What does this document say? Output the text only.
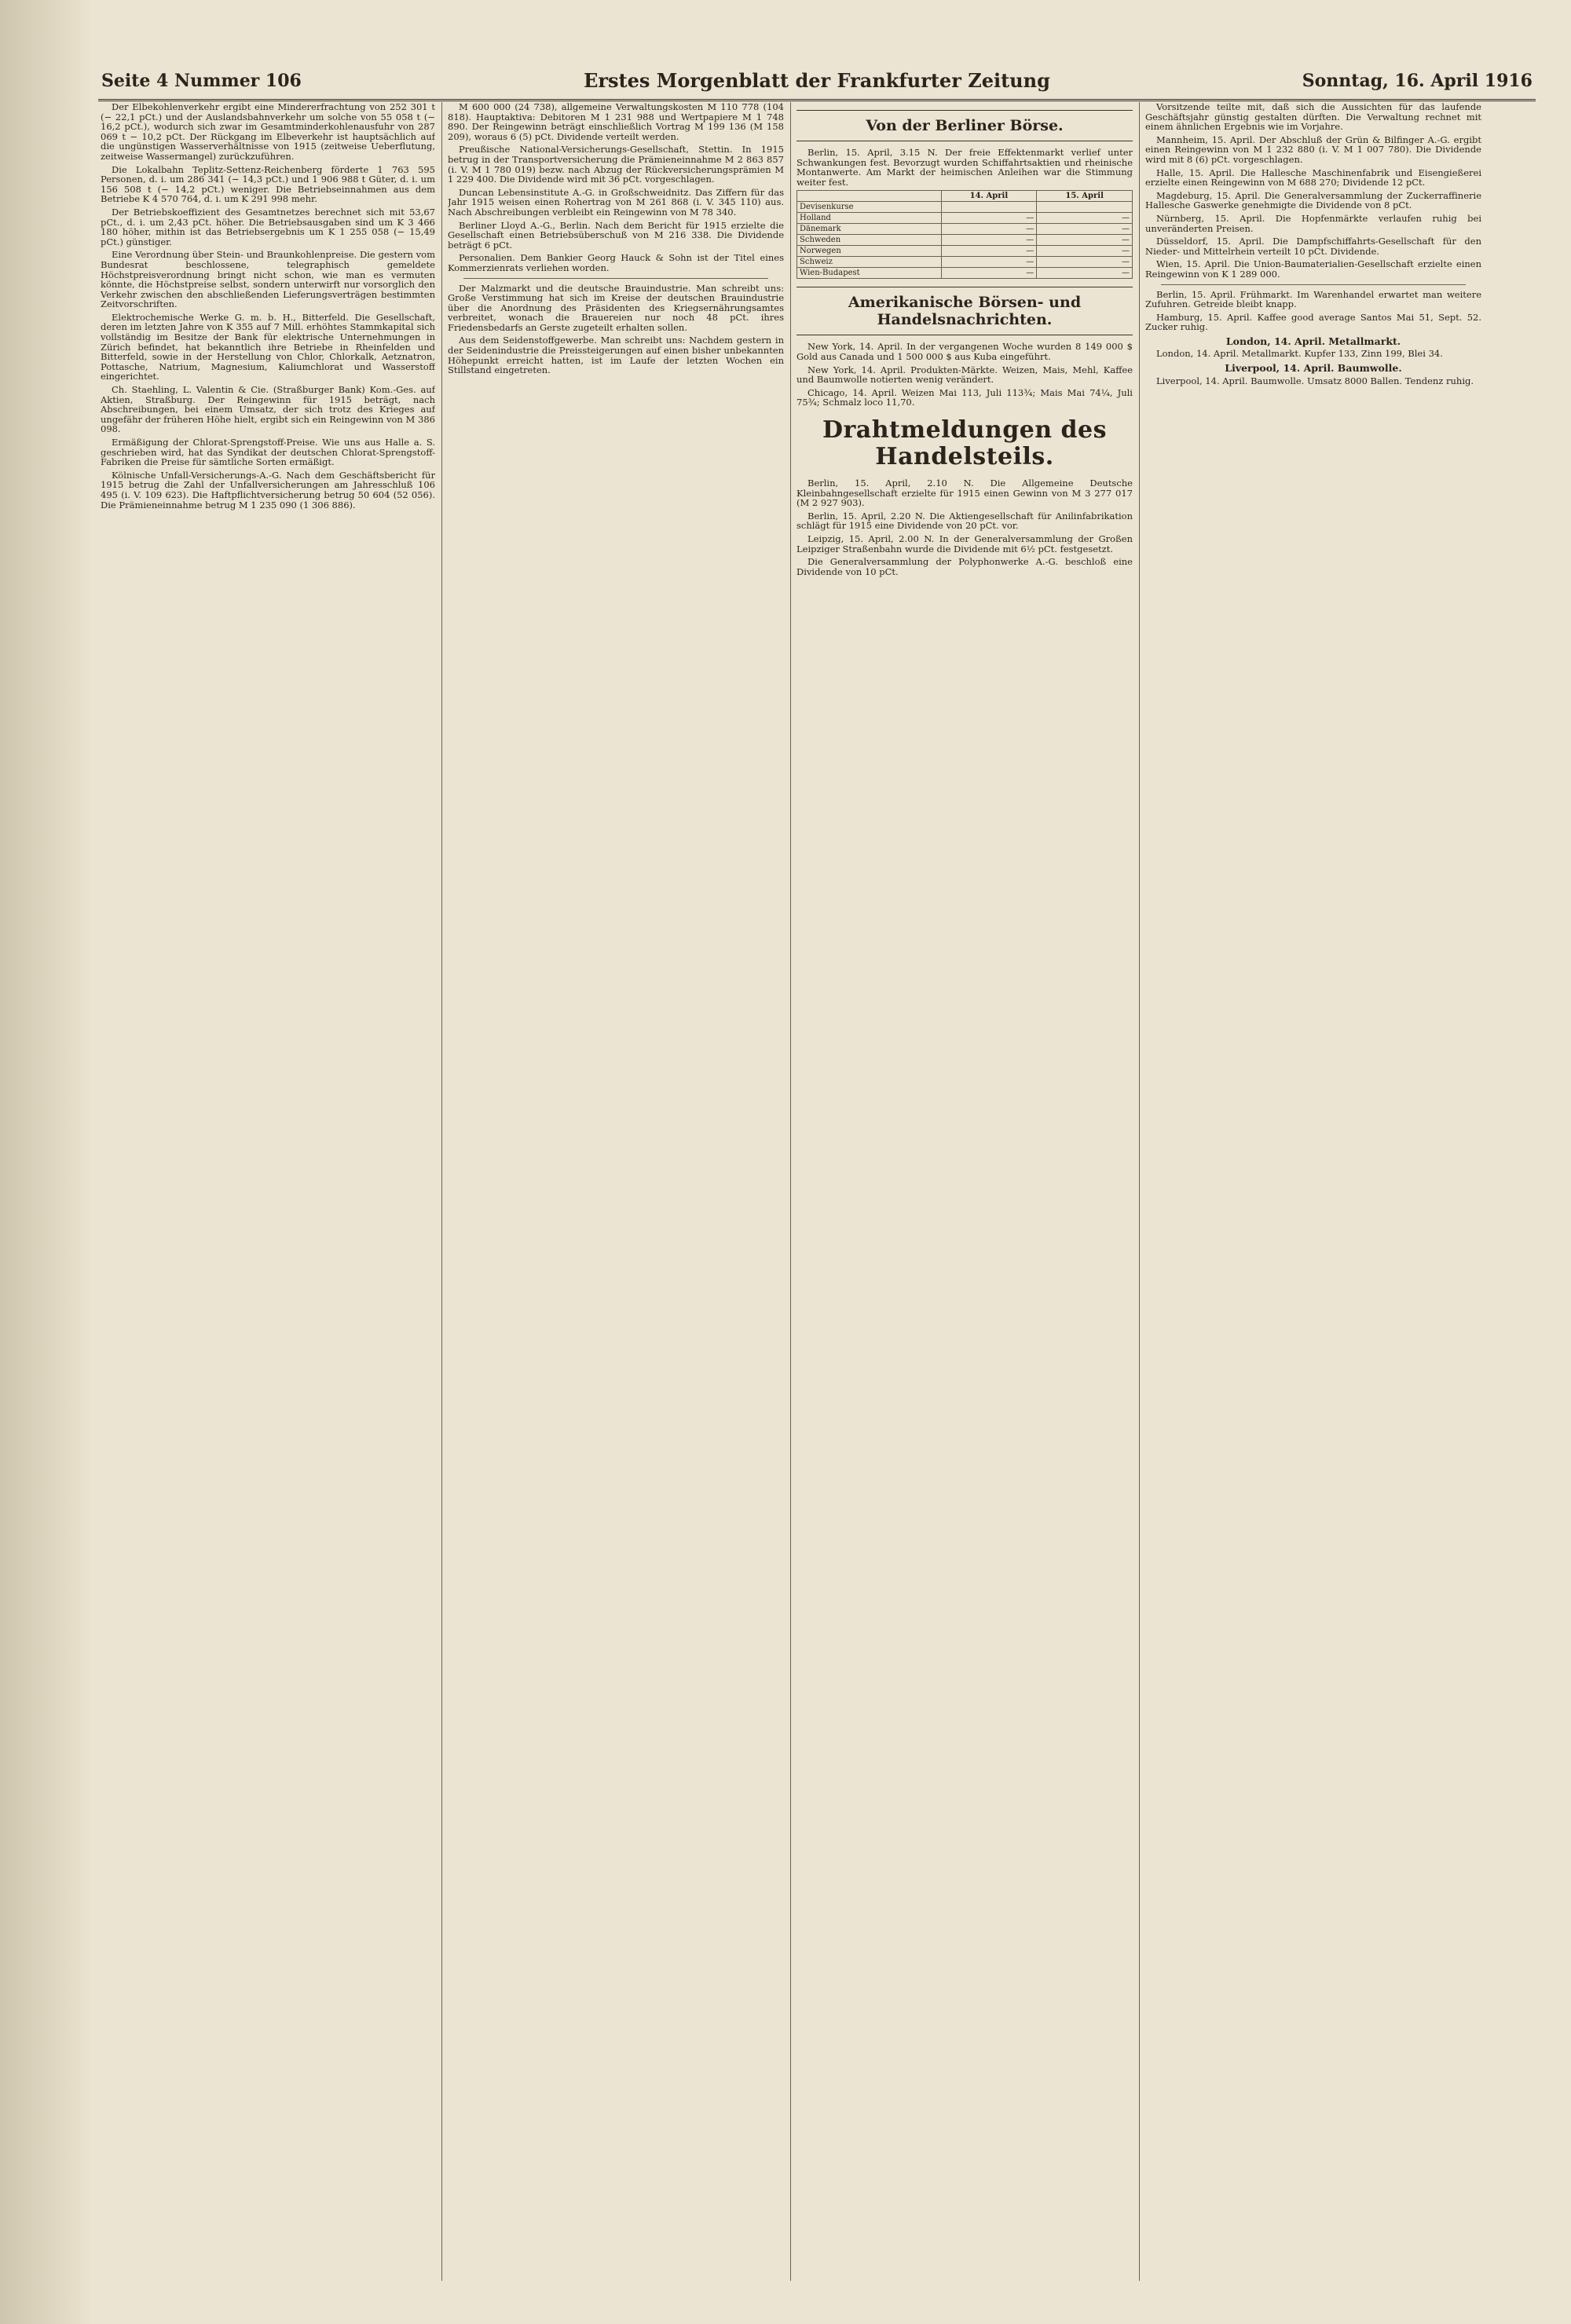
Seite 4 Nummer 106	Erstes Morgenblatt der Frankfurter Zeitung	Sonntag, 16. April 1916

Der Elbekohlenverkehr ergibt eine Mindererfrachtung von 252 301 t (− 22,1 pCt.) und der Auslandsbahnverkehr um solche von 55 058 t (− 16,2 pCt.), wodurch sich zwar im Gesamtminderkohlenausfuhr von 287 069 t − 10,2 pCt. Der Rückgang im Elbeverkehr ist hauptsächlich auf die ungünstigen Wasserverhältnisse von 1915 (zeitweise Ueberflutung, zeitweise Wassermangel) zurückzuführen.

Die Lokalbahn Teplitz-Settenz-Reichenberg förderte 1 763 595 Personen, d. i. um 286 341 (− 14,3 pCt.) und 1 906 988 t Güter, d. i. um 156 508 t (− 14,2 pCt.) weniger. Die Betriebseinnahmen aus dem Betriebe K 4 570 764, d. i. um K 291 998 mehr.

Der Betriebskoeffizient des Gesamtnetzes berechnet sich mit 53,67 pCt., d. i. um 2,43 pCt. höher. Die Betriebsausgaben sind um K 3 466 180 höher, mithin ist das Betriebsergebnis um K 1 255 058 (− 15,49 pCt.) günstiger.

Eine Verordnung über Stein- und Braunkohlenpreise. Die gestern vom Bundesrat beschlossene, telegraphisch gemeldete Höchstpreisverordnung bringt nicht schon, wie man es vermuten könnte, die Höchstpreise selbst, sondern unterwirft nur vorsorglich den Verkehr zwischen den abschließenden Lieferungsverträgen bestimmten Zeitvorschriften.

Elektrochemische Werke G. m. b. H., Bitterfeld. Die Gesellschaft, deren im letzten Jahre von K 355 auf 7 Mill. erhöhtes Stammkapital sich vollständig im Besitze der Bank für elektrische Unternehmungen in Zürich befindet, hat bekanntlich ihre Betriebe in Rheinfelden und Bitterfeld, sowie in der Herstellung von Chlor, Chlorkalk, Aetznatron, Pottasche, Natrium, Magnesium, Kaliumchlorat und Wasserstoff eingerichtet.

Ch. Staehling, L. Valentin & Cie. (Straßburger Bank) Kom.-Ges. auf Aktien, Straßburg. Der Reingewinn für 1915 beträgt, nach Abschreibungen, bei einem Umsatz, der sich trotz des Krieges auf ungefähr der früheren Höhe hielt, ergibt sich ein Reingewinn von M 386 098.

Ermäßigung der Chlorat-Sprengstoff-Preise. Wie uns aus Halle a. S. geschrieben wird, hat das Syndikat der deutschen Chlorat-Sprengstoff-Fabriken die Preise für sämtliche Sorten ermäßigt.

Kölnische Unfall-Versicherungs-A.-G. Nach dem Geschäftsbericht für 1915 betrug die Zahl der Unfallversicherungen am Jahresschluß 106 495 (i. V. 109 623). Die Haftpflichtversicherung betrug 50 604 (52 056). Die Prämieneinnahme betrug M 1 235 090 (1 306 886).

M 600 000 (24 738), allgemeine Verwaltungskosten M 110 778 (104 818). Hauptaktiva: Debitoren M 1 231 988 und Wertpapiere M 1 748 890. Der Reingewinn beträgt einschließlich Vortrag M 199 136 (M 158 209), woraus 6 (5) pCt. Dividende verteilt werden.

Preußische National-Versicherungs-Gesellschaft, Stettin. In 1915 betrug in der Transportversicherung die Prämieneinnahme M 2 863 857 (i. V. M 1 780 019) bezw. nach Abzug der Rückversicherungsprämien M 1 229 400. Die Dividende wird mit 36 pCt. vorgeschlagen.

Duncan Lebensinstitute A.-G. in Großschweidnitz. Das Ziffern für das Jahr 1915 weisen einen Rohertrag von M 261 868 (i. V. 345 110) aus. Nach Abschreibungen verbleibt ein Reingewinn von M 78 340.

Berliner Lloyd A.-G., Berlin. Nach dem Bericht für 1915 erzielte die Gesellschaft einen Betriebsüberschuß von M 216 338. Die Dividende beträgt 6 pCt.

Personalien. Dem Bankier Georg Hauck & Sohn ist der Titel eines Kommerzienrats verliehen worden.

Der Malzmarkt und die deutsche Brauindustrie. Man schreibt uns: Große Verstimmung hat sich im Kreise der deutschen Brauindustrie über die Anordnung des Präsidenten des Kriegsernährungsamtes verbreitet, wonach die Brauereien nur noch 48 pCt. ihres Friedensbedarfs an Gerste zugeteilt erhalten sollen.

Aus dem Seidenstoffgewerbe. Man schreibt uns: Nachdem gestern in der Seidenindustrie die Preissteigerungen auf einen bisher unbekannten Höhepunkt erreicht hatten, ist im Laufe der letzten Wochen ein Stillstand eingetreten.

Von der Berliner Börse.

Berlin, 15. April, 3.15 N. Der freie Effektenmarkt verlief unter Schwankungen fest. Bevorzugt wurden Schiffahrtsaktien und rheinische Montanwerte. Am Markt der heimischen Anleihen war die Stimmung weiter fest.

	14. April	15. April
Devisenkurse		
Holland	—	—
Dänemark	—	—
Schweden	—	—
Norwegen	—	—
Schweiz	—	—
Wien-Budapest	—	—
Amerikanische Börsen- und Handelsnachrichten.

New York, 14. April. In der vergangenen Woche wurden 8 149 000 $ Gold aus Canada und 1 500 000 $ aus Kuba eingeführt.

New York, 14. April. Produkten-Märkte. Weizen, Mais, Mehl, Kaffee und Baumwolle notierten wenig verändert.

Chicago, 14. April. Weizen Mai 113, Juli 113¾; Mais Mai 74¼, Juli 75¾; Schmalz loco 11,70.

Drahtmeldungen des Handelsteils.

Berlin, 15. April, 2.10 N. Die Allgemeine Deutsche Kleinbahngesellschaft erzielte für 1915 einen Gewinn von M 3 277 017 (M 2 927 903).

Berlin, 15. April, 2.20 N. Die Aktiengesellschaft für Anilinfabrikation schlägt für 1915 eine Dividende von 20 pCt. vor.

Leipzig, 15. April, 2.00 N. In der Generalversammlung der Großen Leipziger Straßenbahn wurde die Dividende mit 6½ pCt. festgesetzt.

Die Generalversammlung der Polyphonwerke A.-G. beschloß eine Dividende von 10 pCt.

Vorsitzende teilte mit, daß sich die Aussichten für das laufende Geschäftsjahr günstig gestalten dürften. Die Verwaltung rechnet mit einem ähnlichen Ergebnis wie im Vorjahre.

Mannheim, 15. April. Der Abschluß der Grün & Bilfinger A.-G. ergibt einen Reingewinn von M 1 232 880 (i. V. M 1 007 780). Die Dividende wird mit 8 (6) pCt. vorgeschlagen.

Halle, 15. April. Die Hallesche Maschinenfabrik und Eisengießerei erzielte einen Reingewinn von M 688 270; Dividende 12 pCt.

Magdeburg, 15. April. Die Generalversammlung der Zuckerraffinerie Hallesche Gaswerke genehmigte die Dividende von 8 pCt.

Nürnberg, 15. April. Die Hopfenmärkte verlaufen ruhig bei unveränderten Preisen.

Düsseldorf, 15. April. Die Dampfschiffahrts-Gesellschaft für den Nieder- und Mittelrhein verteilt 10 pCt. Dividende.

Wien, 15. April. Die Union-Baumaterialien-Gesellschaft erzielte einen Reingewinn von K 1 289 000.

Berlin, 15. April. Frühmarkt. Im Warenhandel erwartet man weitere Zufuhren. Getreide bleibt knapp.

Hamburg, 15. April. Kaffee good average Santos Mai 51, Sept. 52. Zucker ruhig.

London, 14. April. Metallmarkt.

London, 14. April. Metallmarkt. Kupfer 133, Zinn 199, Blei 34.

Liverpool, 14. April. Baumwolle.

Liverpool, 14. April. Baumwolle. Umsatz 8000 Ballen. Tendenz ruhig.
